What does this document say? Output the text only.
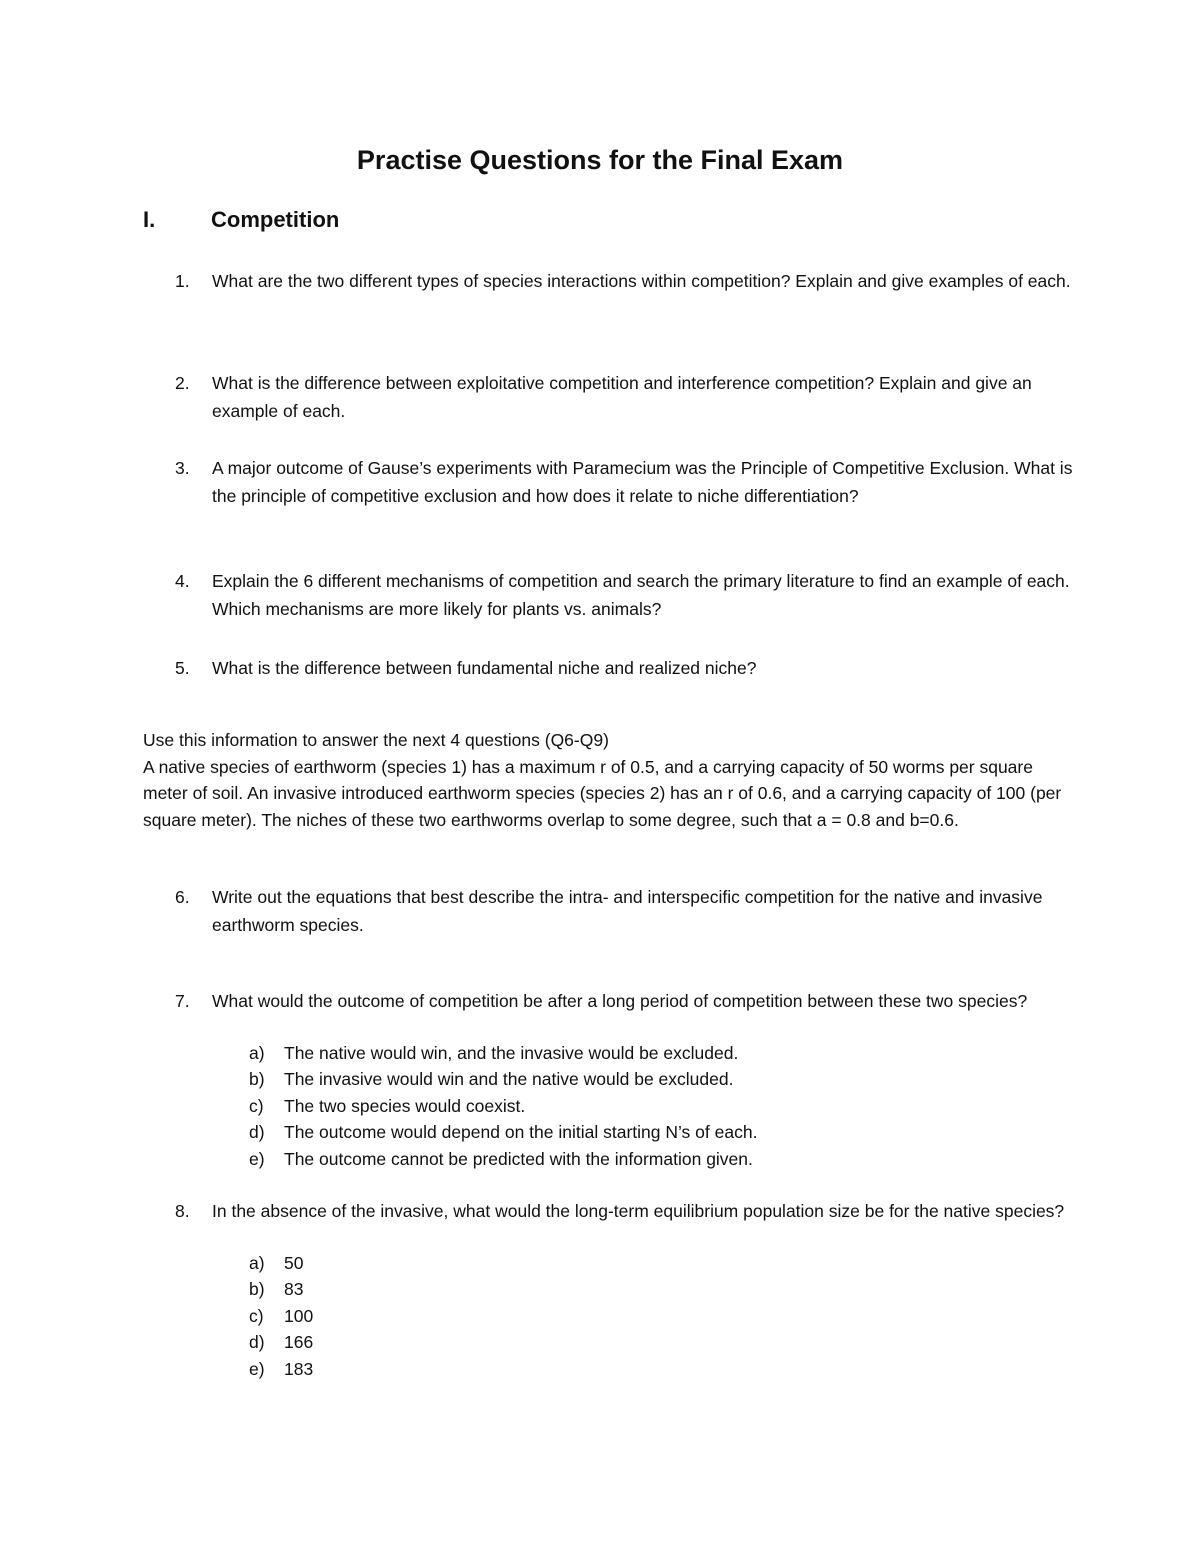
Practise Questions for the Final Exam
I.	Competition
1.	What are the two different types of species interactions within competition? Explain and give examples of each.
2.	What is the difference between exploitative competition and interference competition? Explain and give an example of each.
3.	A major outcome of Gause’s experiments with Paramecium was the Principle of Competitive Exclusion. What is the principle of competitive exclusion and how does it relate to niche differentiation?
4.	Explain the 6 different mechanisms of competition and search the primary literature to find an example of each. Which mechanisms are more likely for plants vs. animals?
5.	What is the difference between fundamental niche and realized niche?

Use this information to answer the next 4 questions (Q6-Q9)

A native species of earthworm (species 1) has a maximum r of 0.5, and a carrying capacity of 50 worms per square meter of soil. An invasive introduced earthworm species (species 2) has an r of 0.6, and a carrying capacity of 100 (per square meter). The niches of these two earthworms overlap to some degree, such that a = 0.8 and b=0.6.

6.	Write out the equations that best describe the intra- and interspecific competition for the native and invasive earthworm species.
7.	What would the outcome of competition be after a long period of competition between these two species?
a) The native would win, and the invasive would be excluded.
b) The invasive would win and the native would be excluded.
c) The two species would coexist.
d) The outcome would depend on the initial starting N’s of each.
e) The outcome cannot be predicted with the information given.
8.	In the absence of the invasive, what would the long-term equilibrium population size be for the native species?
a) 50
b) 83
c) 100
d) 166
e) 183
